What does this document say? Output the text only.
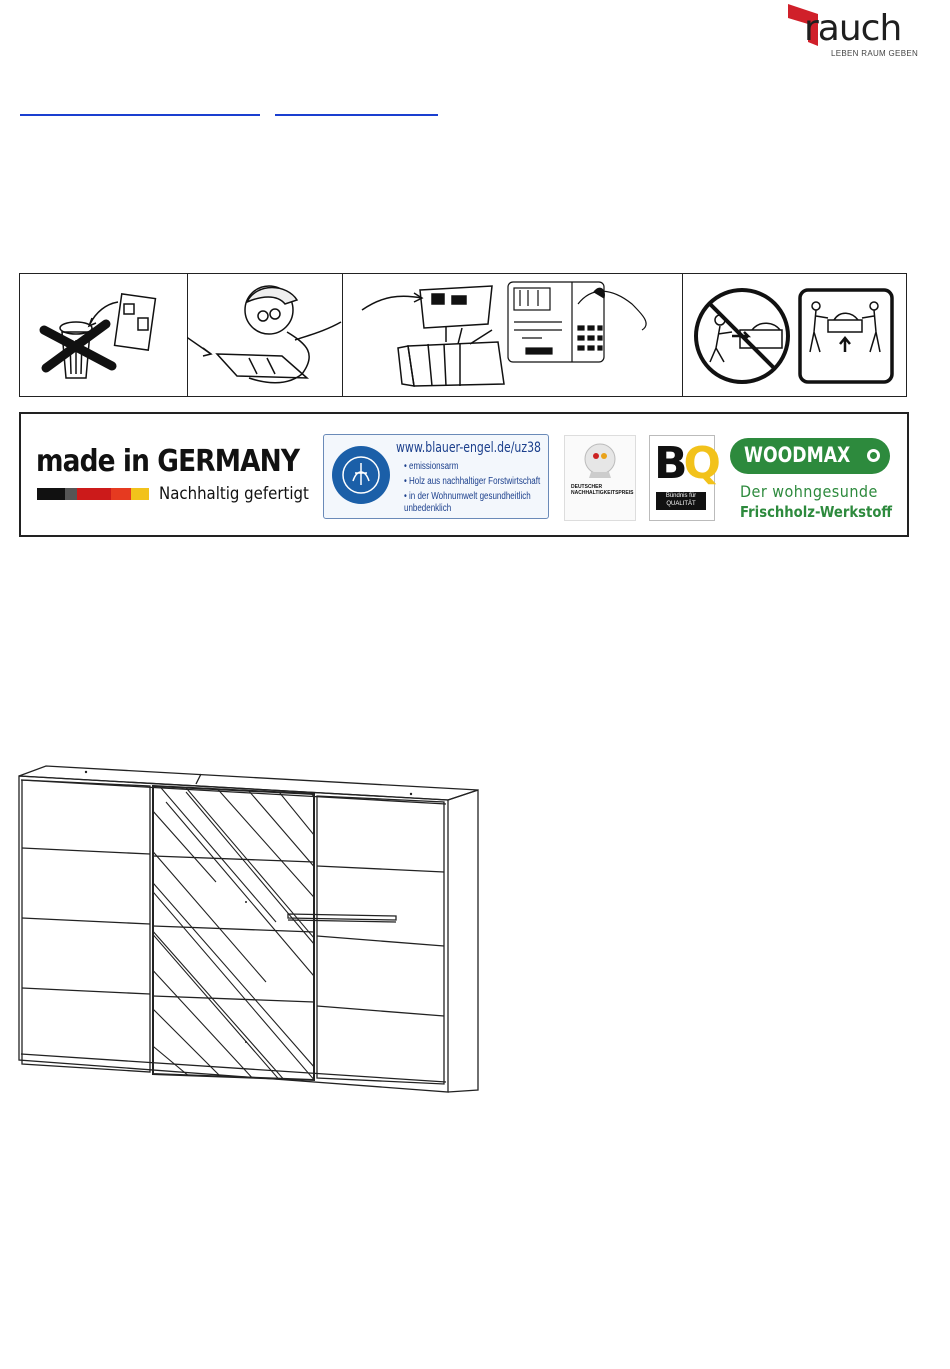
rauch
LEBEN RAUM GEBEN
made in GERMANY
Nachhaltig gefertigt
www.blauer-engel.de/uz38
• emissionsarm
• Holz aus nachhaltiger Forstwirtschaft
• in der Wohnumwelt gesundheitlich
unbedenklich
DEUTSCHER NACHHALTIGKEITSPREIS
BQ
Bündnis für QUALITÄT
WOODMAX
Der wohngesunde
Frischholz-Werkstoff
